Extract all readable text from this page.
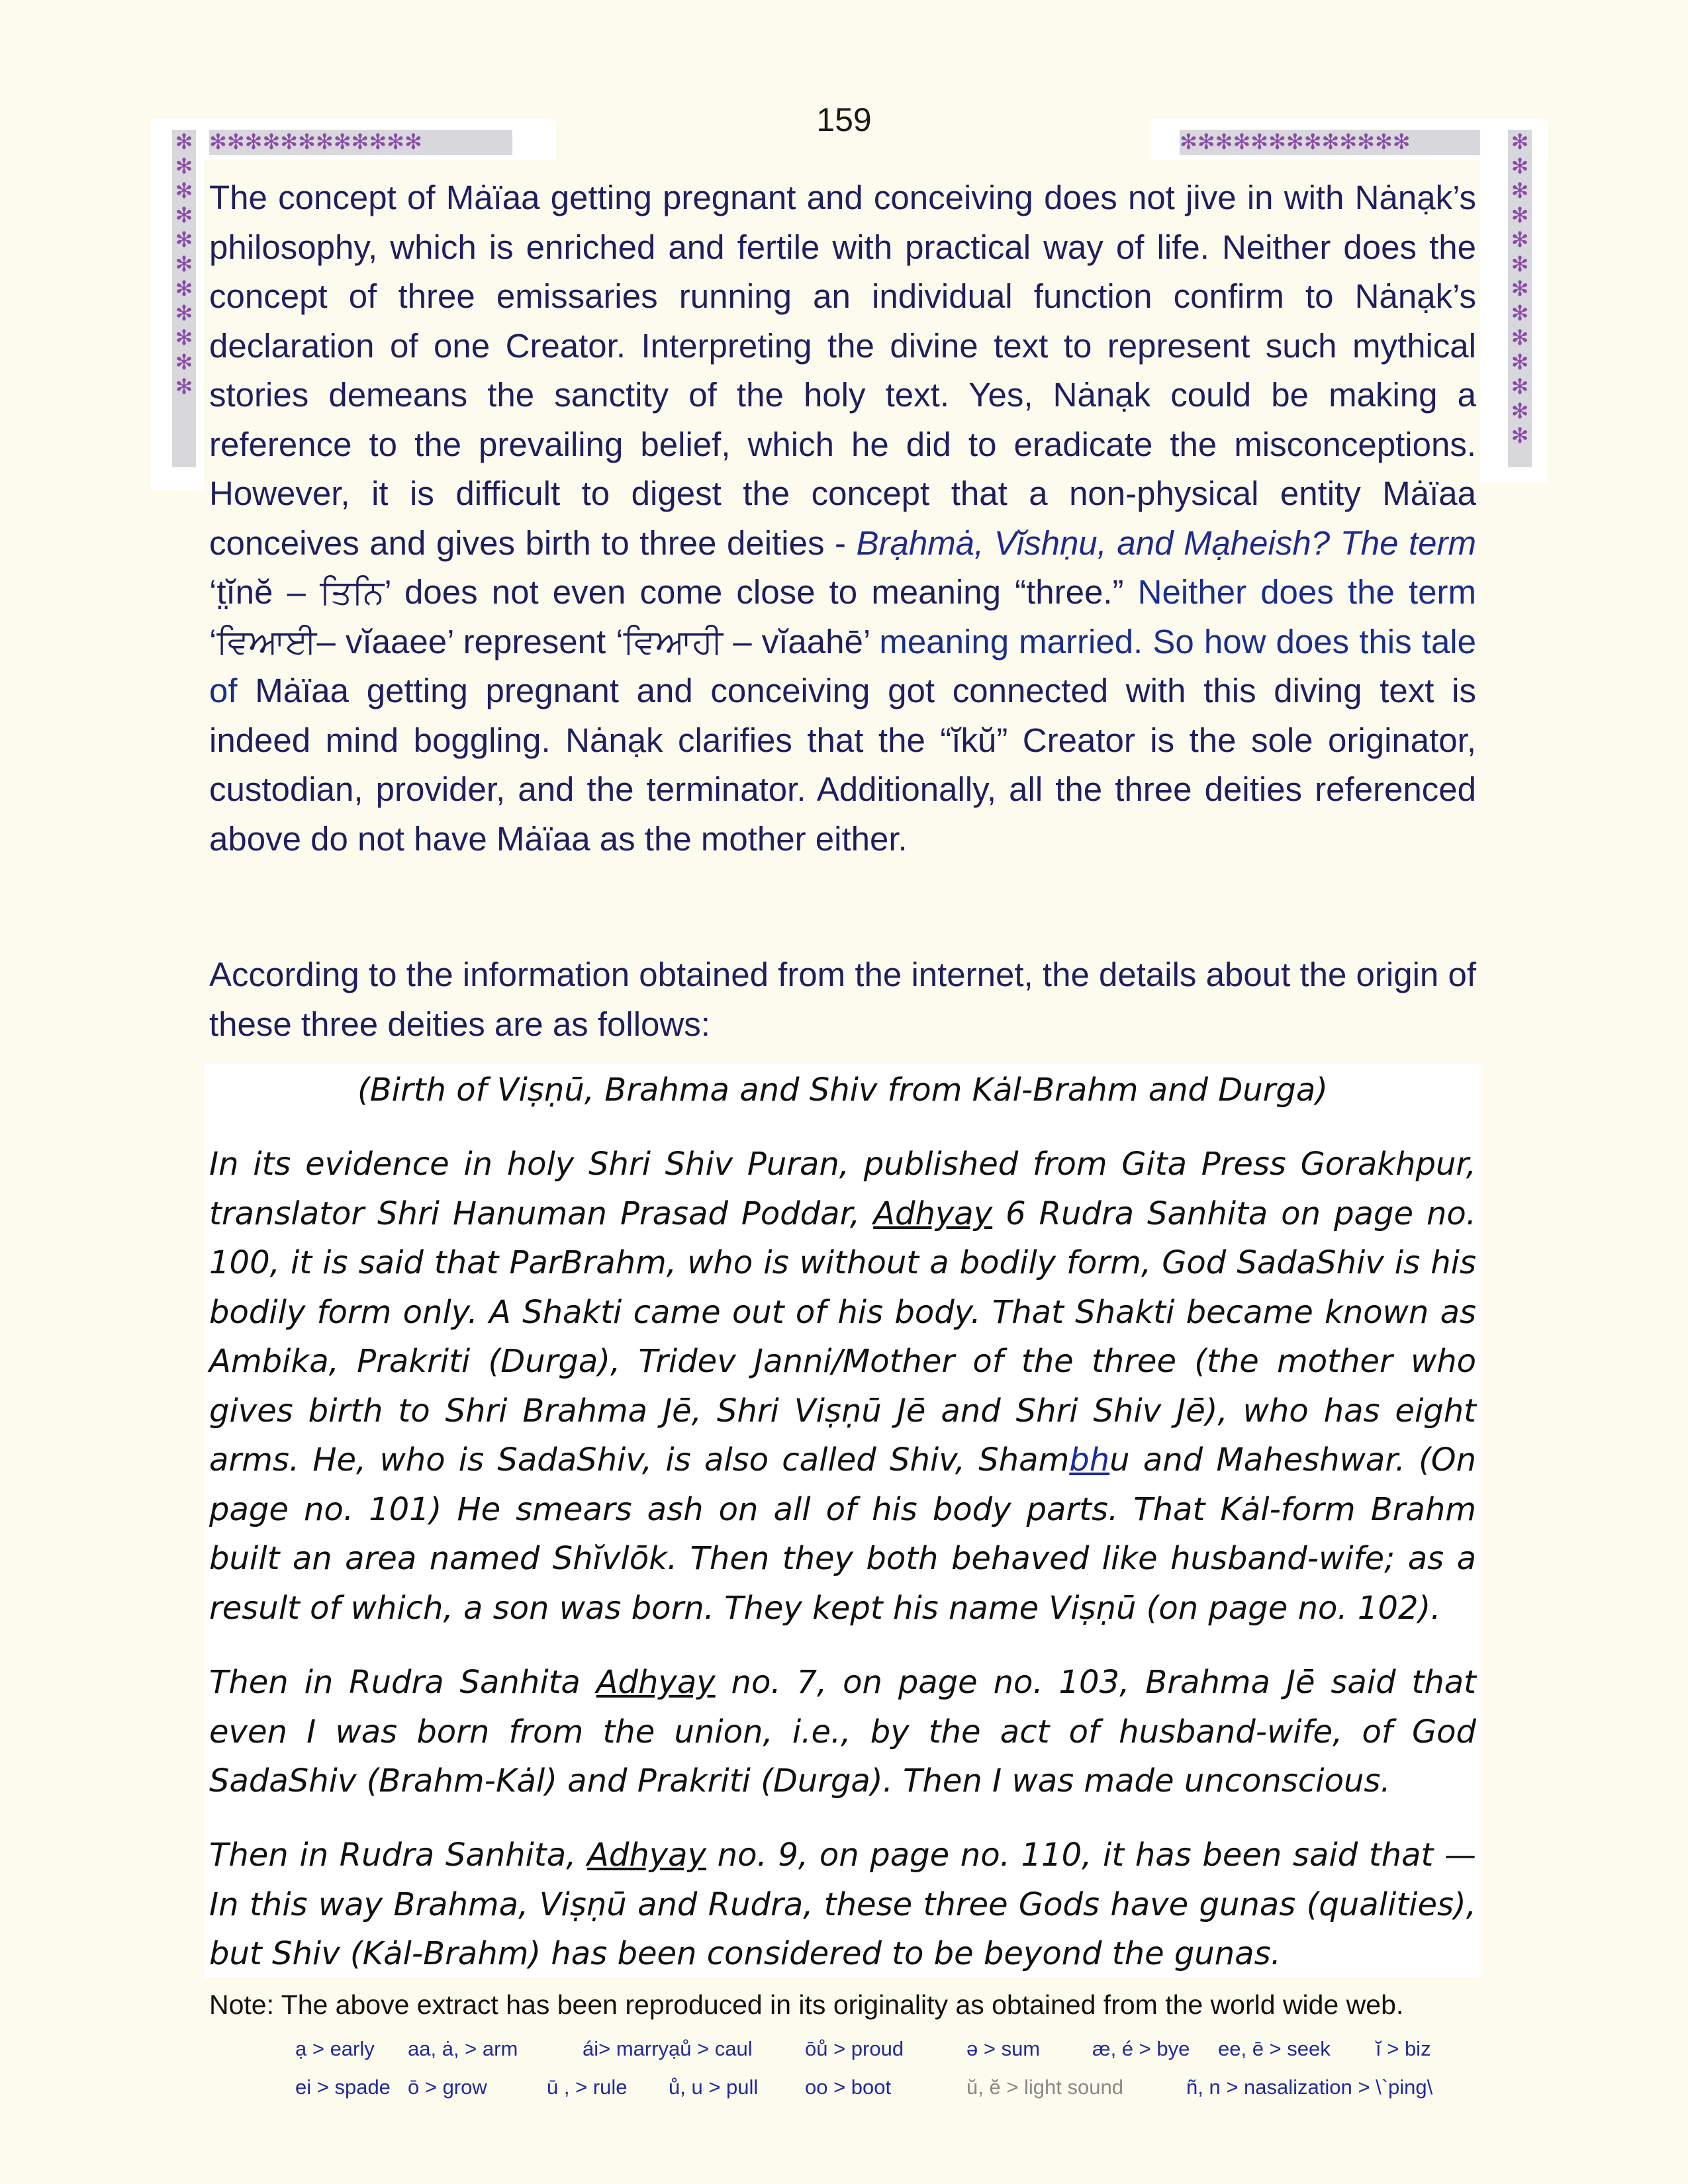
159
✻✻✻✻✻✻✻✻✻✻✻✻	✻✻✻✻✻✻✻✻✻✻✻✻✻
✻✻✻✻✻✻✻✻✻✻✻
✻✻✻✻✻✻✻✻✻✻✻✻✻

The concept of Mȧïaa getting pregnant and conceiving does not jive in with Nȧnạk’s philosophy, which is enriched and fertile with practical way of life. Neither does the concept of three emissaries running an individual function confirm to Nȧnạk’s declaration of one Creator. Interpreting the divine text to represent such mythical stories demeans the sanctity of the holy text. Yes, Nȧnạk could be making a reference to the prevailing belief, which he did to eradicate the misconceptions. However, it is difficult to digest the concept that a non-physical entity Mȧïaa conceives and gives birth to three deities - Brạhmȧ, Vĭshṇu, and Mạheish? The term ‘t̤ĭnĕ – ਤਿਨਿ’ does not even come close to meaning “three.” Neither does the term ‘ਵਿਆਈ– vĭaaee’ represent ‘ਵਿਆਹੀ – vĭaahē’ meaning married. So how does this tale of Mȧïaa getting pregnant and conceiving got connected with this diving text is indeed mind boggling. Nȧnạk clarifies that the “ĭkŭ” Creator is the sole originator, custodian, provider, and the terminator. Additionally, all the three deities referenced above do not have Mȧïaa as the mother either.

According to the information obtained from the internet, the details about the origin of these three deities are as follows:

(Birth of Viṣṇū, Brahma and Shiv from Kȧl-Brahm and Durga)

In its evidence in holy Shri Shiv Puran, published from Gita Press Gorakhpur, translator Shri Hanuman Prasad Poddar, Adhyay 6 Rudra Sanhita on page no. 100, it is said that ParBrahm, who is without a bodily form, God SadaShiv is his bodily form only. A Shakti came out of his body. That Shakti became known as Ambika, Prakriti (Durga), Tridev Janni/Mother of the three (the mother who gives birth to Shri Brahma Jē, Shri Viṣṇū Jē and Shri Shiv Jē), who has eight arms. He, who is SadaShiv, is also called Shiv, Shambhu and Maheshwar. (On page no. 101) He smears ash on all of his body parts. That Kȧl-form Brahm built an area named Shĭvlōk. Then they both behaved like husband-wife; as a result of which, a son was born. They kept his name Viṣṇū (on page no. 102).

Then in Rudra Sanhita Adhyay no. 7, on page no. 103, Brahma Jē said that even I was born from the union, i.e., by the act of husband-wife, of God SadaShiv (Brahm-Kȧl) and Prakriti (Durga). Then I was made unconscious.

Then in Rudra Sanhita, Adhyay no. 9, on page no. 110, it has been said that — In this way Brahma, Viṣṇū and Rudra, these three Gods have gunas (qualities), but Shiv (Kȧl-Brahm) has been considered to be beyond the gunas.

Note: The above extract has been reproduced in its originality as obtained from the world wide web.
ạ > early aa, ȧ, > arm	ái> marry ạů > caul	ōů > proud	ə > sum	æ, é > bye ee, ē > seek ĭ > biz
ei > spade ō > grow	ū , > rule ů, u > pull oo > boot	ŭ, ĕ > light sound	ñ, n > nasalization > \`ping\
